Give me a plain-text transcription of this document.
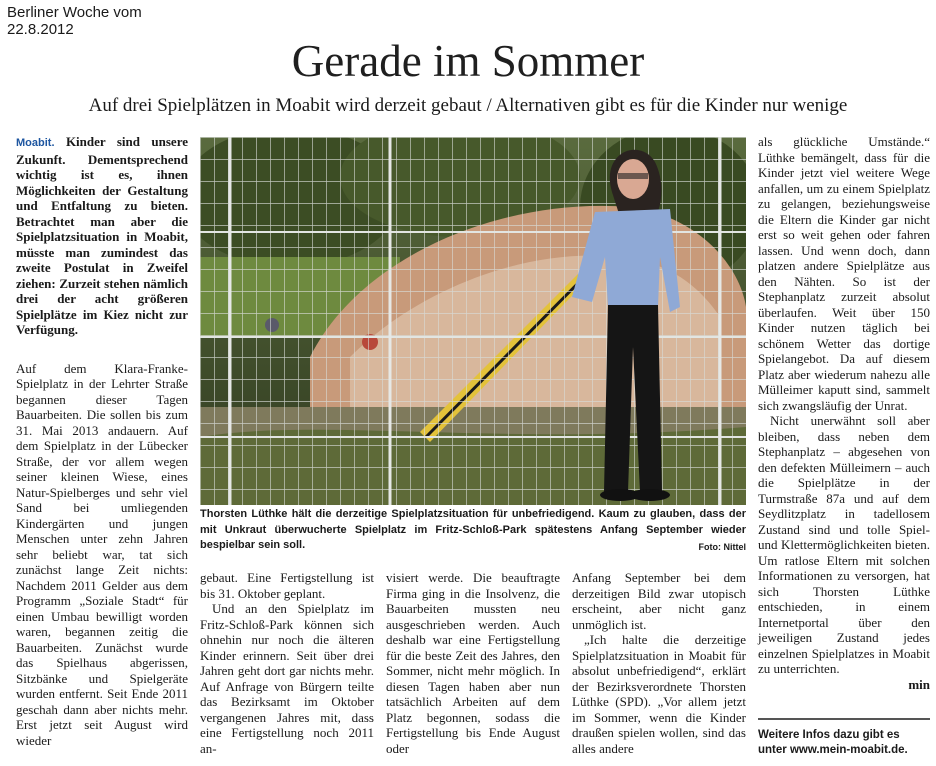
Berliner Woche vom 22.8.2012
Gerade im Sommer
Auf drei Spielplätzen in Moabit wird derzeit gebaut / Alternativen gibt es für die Kinder nur wenige

Moabit. Kinder sind unsere Zukunft. Dementsprechend wichtig ist es, ihnen Möglichkeiten der Gestaltung und Entfaltung zu bieten. Betrachtet man aber die Spielplatzsituation in Moabit, müsste man zumindest das zweite Postulat in Zweifel ziehen: Zurzeit stehen nämlich drei der acht größeren Spielplätze im Kiez nicht zur Verfügung.

Auf dem Klara-Franke-Spielplatz in der Lehrter Straße begannen dieser Tagen Bauarbeiten. Die sollen bis zum 31. Mai 2013 andauern. Auf dem Spielplatz in der Lübecker Straße, der vor allem wegen seiner kleinen Wiese, eines Natur-Spielberges und sehr viel Sand bei umliegenden Kindergärten und jungen Menschen unter zehn Jahren sehr beliebt war, tat sich zunächst lange Zeit nichts: Nachdem 2011 Gelder aus dem Programm „Soziale Stadt“ für einen Umbau bewilligt worden waren, begannen zeitig die Bauarbeiten. Zunächst wurde das Spielhaus abgerissen, Sitzbänke und Spielgeräte wurden entfernt. Seit Ende 2011 geschah dann aber nichts mehr. Erst jetzt seit August wird wieder

Thorsten Lüthke hält die derzeitige Spielplatzsituation für unbefriedigend. Kaum zu glauben, dass der mit Unkraut überwucherte Spielplatz im Fritz-Schloß-Park spätestens Anfang September wieder bespielbar sein soll.	Foto: Nittel

gebaut. Eine Fertigstellung ist bis 31. Oktober geplant.

Und an den Spielplatz im Fritz-Schloß-Park können sich ohnehin nur noch die älteren Kinder erinnern. Seit über drei Jahren geht dort gar nichts mehr. Auf Anfrage von Bürgern teilte das Bezirksamt im Oktober vergangenen Jahres mit, dass eine Fertigstellung noch 2011 an-

visiert werde. Die beauftragte Firma ging in die Insolvenz, die Bauarbeiten mussten neu ausgeschrieben werden. Auch deshalb war eine Fertigstellung für die beste Zeit des Jahres, den Sommer, nicht mehr möglich. In diesen Tagen haben aber nun tatsächlich Arbeiten auf dem Platz begonnen, sodass die Fertigstellung bis Ende August oder

Anfang September bei dem derzeitigen Bild zwar utopisch erscheint, aber nicht ganz unmöglich ist.

„Ich halte die derzeitige Spielplatzsituation in Moabit für absolut unbefriedigend“, erklärt der Bezirksverordnete Thorsten Lüthke (SPD). „Vor allem jetzt im Sommer, wenn die Kinder draußen spielen wollen, sind das alles andere

als glückliche Umstände.“ Lüthke bemängelt, dass für die Kinder jetzt viel weitere Wege anfallen, um zu einem Spielplatz zu gelangen, beziehungsweise die Eltern die Kinder gar nicht erst so weit gehen oder fahren lassen. Und wenn doch, dann platzen andere Spielplätze aus den Nähten. So ist der Stephanplatz zurzeit absolut überlaufen. Weit über 150 Kinder nutzen täglich bei schönem Wetter das dortige Spielangebot. Da auf diesem Platz aber wiederum nahezu alle Mülleimer kaputt sind, sammelt sich zwangsläufig der Unrat.

Nicht unerwähnt soll aber bleiben, dass neben dem Stephanplatz – abgesehen von den defekten Mülleimern – auch die Spielplätze in der Turmstraße 87a und auf dem Seydlitzplatz in tadellosem Zustand sind und tolle Spiel- und Klettermöglichkeiten bieten. Um ratlose Eltern mit solchen Informationen zu versorgen, hat sich Thorsten Lüthke entschieden, in einem Internetportal über den jeweiligen Zustand jedes einzelnen Spielplatzes in Moabit zu unterrichten.

min

Weitere Infos dazu gibt es unter www.mein-moabit.de.
